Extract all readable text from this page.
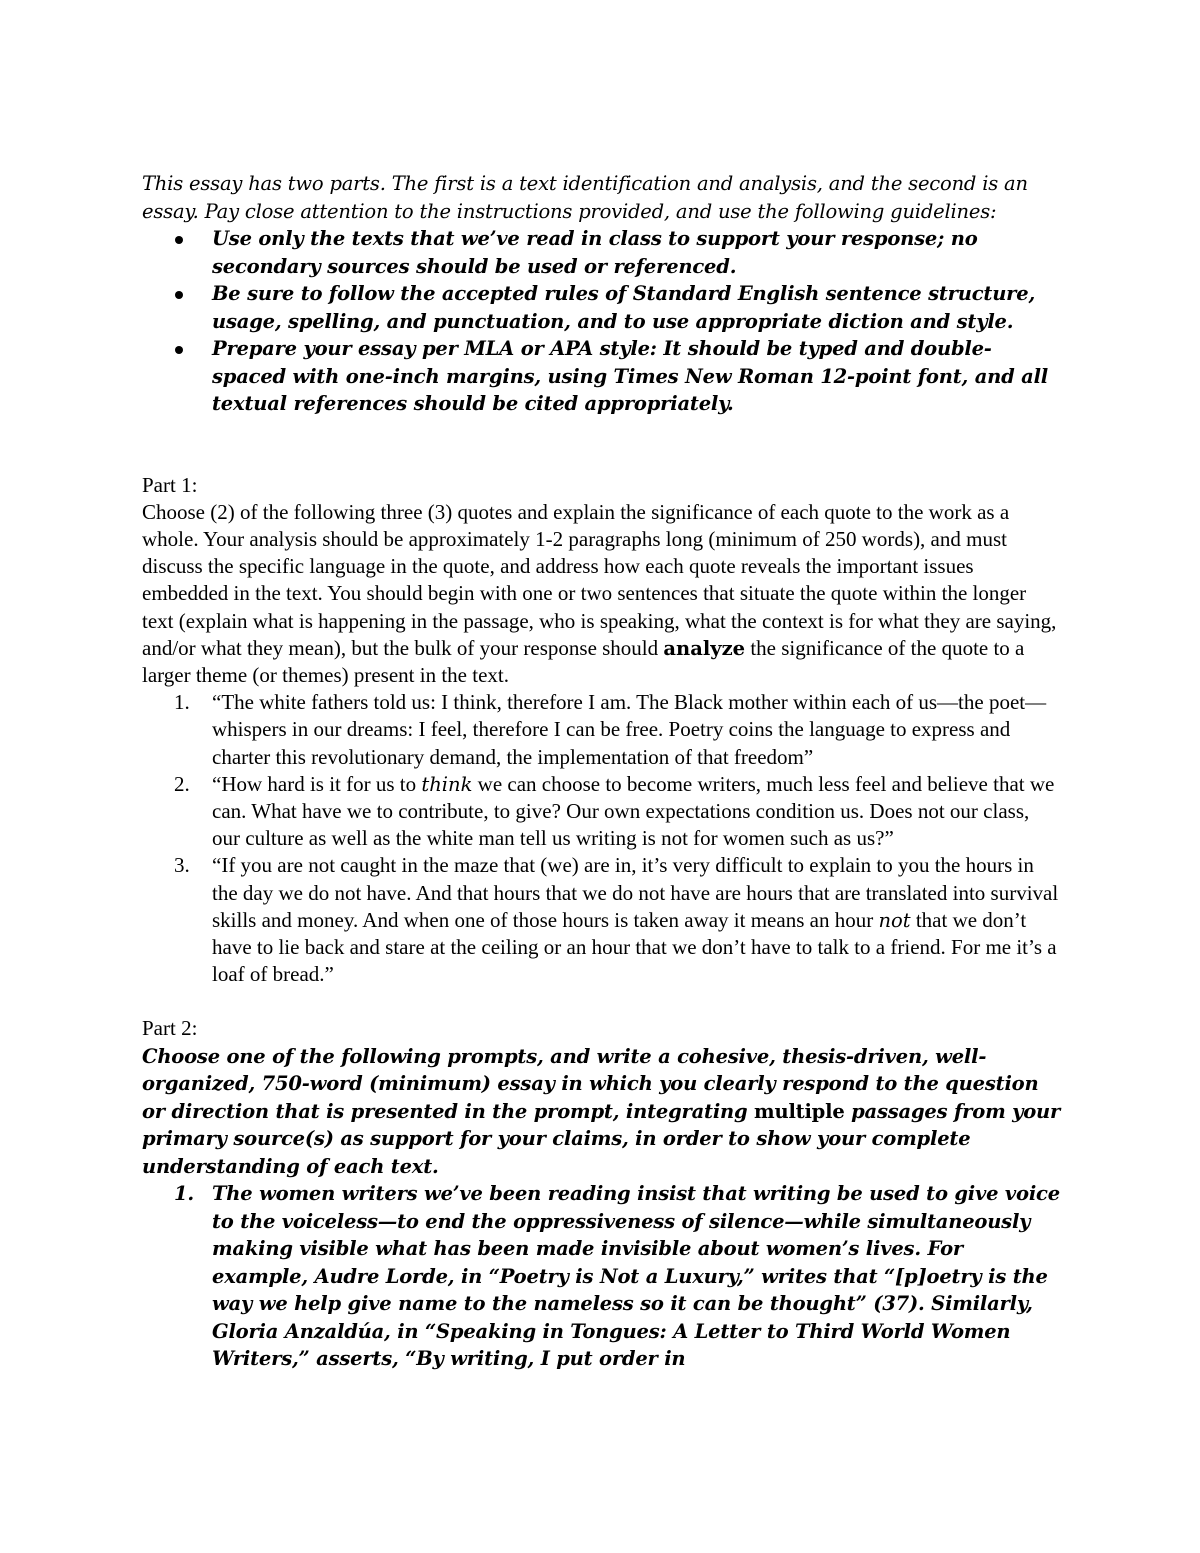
This essay has two parts. The first is a text identification and analysis, and the second is an essay. Pay close attention to the instructions provided, and use the following guidelines:

Use only the texts that we’ve read in class to support your response; no secondary sources should be used or referenced.
Be sure to follow the accepted rules of Standard English sentence structure, usage, spelling, and punctuation, and to use appropriate diction and style.
Prepare your essay per MLA or APA style: It should be typed and double-spaced with one-inch margins, using Times New Roman 12-point font, and all textual references should be cited appropriately.

Part 1:

Choose (2) of the following three (3) quotes and explain the significance of each quote to the work as a whole. Your analysis should be approximately 1-2 paragraphs long (minimum of 250 words), and must discuss the specific language in the quote, and address how each quote reveals the important issues embedded in the text. You should begin with one or two sentences that situate the quote within the longer text (explain what is happening in the passage, who is speaking, what the context is for what they are saying, and/or what they mean), but the bulk of your response should analyze the significance of the quote to a larger theme (or themes) present in the text.

1. “The white fathers told us: I think, therefore I am. The Black mother within each of us—the poet—whispers in our dreams: I feel, therefore I can be free. Poetry coins the language to express and charter this revolutionary demand, the implementation of that freedom”
2. “How hard is it for us to think we can choose to become writers, much less feel and believe that we can. What have we to contribute, to give? Our own expectations condition us. Does not our class, our culture as well as the white man tell us writing is not for women such as us?”
3. “If you are not caught in the maze that (we) are in, it’s very difficult to explain to you the hours in the day we do not have. And that hours that we do not have are hours that are translated into survival skills and money. And when one of those hours is taken away it means an hour not that we don’t have to lie back and stare at the ceiling or an hour that we don’t have to talk to a friend. For me it’s a loaf of bread.”

Part 2:

Choose one of the following prompts, and write a cohesive, thesis-driven, well-organized, 750-word (minimum) essay in which you clearly respond to the question or direction that is presented in the prompt, integrating multiple passages from your primary source(s) as support for your claims, in order to show your complete understanding of each text.

1. The women writers we’ve been reading insist that writing be used to give voice to the voiceless—to end the oppressiveness of silence—while simultaneously making visible what has been made invisible about women’s lives. For example, Audre Lorde, in “Poetry is Not a Luxury,” writes that “[p]oetry is the way we help give name to the nameless so it can be thought” (37). Similarly, Gloria Anzaldúa, in “Speaking in Tongues: A Letter to Third World Women Writers,” asserts, “By writing, I put order in
